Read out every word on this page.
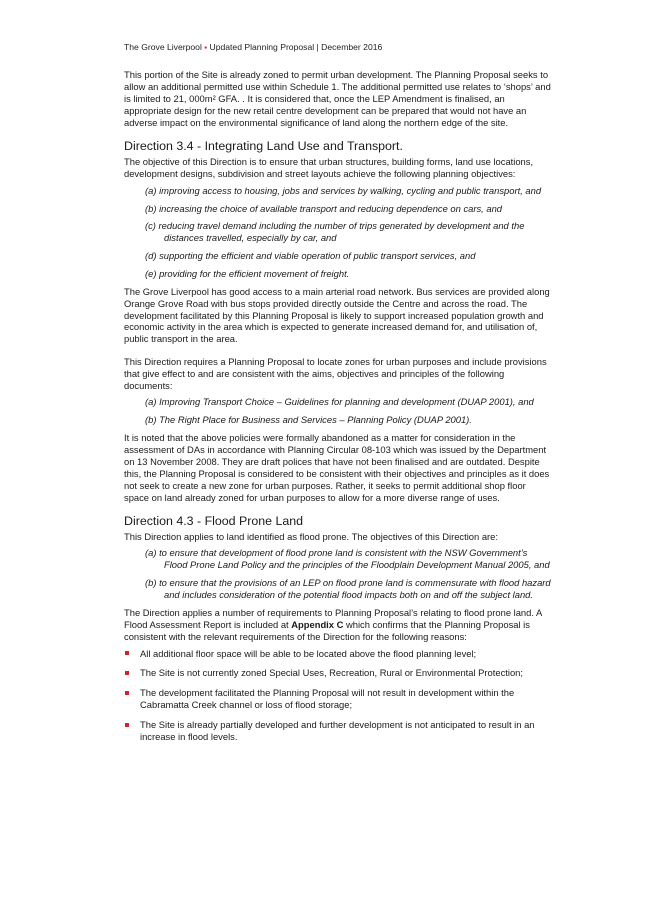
The Grove Liverpool ▪ Updated Planning Proposal | December 2016

This portion of the Site is already zoned to permit urban development. The Planning Proposal seeks to allow an additional permitted use within Schedule 1. The additional permitted use relates to ‘shops’ and is limited to 21, 000m² GFA. . It is considered that, once the LEP Amendment is finalised, an appropriate design for the new retail centre development can be prepared that would not have an adverse impact on the environmental significance of land along the northern edge of the site.

Direction 3.4 - Integrating Land Use and Transport.

The objective of this Direction is to ensure that urban structures, building forms, land use locations, development designs, subdivision and street layouts achieve the following planning objectives:

(a) improving access to housing, jobs and services by walking, cycling and public transport, and
(b) increasing the choice of available transport and reducing dependence on cars, and
(c) reducing travel demand including the number of trips generated by development and the distances travelled, especially by car, and
(d) supporting the efficient and viable operation of public transport services, and
(e) providing for the efficient movement of freight.

The Grove Liverpool has good access to a main arterial road network. Bus services are provided along Orange Grove Road with bus stops provided directly outside the Centre and across the road. The development facilitated by this Planning Proposal is likely to support increased population growth and economic activity in the area which is expected to generate increased demand for, and utilisation of, public transport in the area.

This Direction requires a Planning Proposal to locate zones for urban purposes and include provisions that give effect to and are consistent with the aims, objectives and principles of the following documents:

(a) Improving Transport Choice – Guidelines for planning and development (DUAP 2001), and
(b) The Right Place for Business and Services – Planning Policy (DUAP 2001).

It is noted that the above policies were formally abandoned as a matter for consideration in the assessment of DAs in accordance with Planning Circular 08-103 which was issued by the Department on 13 November 2008. They are draft polices that have not been finalised and are outdated. Despite this, the Planning Proposal is considered to be consistent with their objectives and principles as it does not seek to create a new zone for urban purposes. Rather, it seeks to permit additional shop floor space on land already zoned for urban purposes to allow for a more diverse range of uses.

Direction 4.3 - Flood Prone Land

This Direction applies to land identified as flood prone. The objectives of this Direction are:

(a) to ensure that development of flood prone land is consistent with the NSW Government’s Flood Prone Land Policy and the principles of the Floodplain Development Manual 2005, and
(b) to ensure that the provisions of an LEP on flood prone land is commensurate with flood hazard and includes consideration of the potential flood impacts both on and off the subject land.

The Direction applies a number of requirements to Planning Proposal’s relating to flood prone land. A Flood Assessment Report is included at Appendix C which confirms that the Planning Proposal is consistent with the relevant requirements of the Direction for the following reasons:

All additional floor space will be able to be located above the flood planning level;
The Site is not currently zoned Special Uses, Recreation, Rural or Environmental Protection;
The development facilitated the Planning Proposal will not result in development within the Cabramatta Creek channel or loss of flood storage;
The Site is already partially developed and further development is not anticipated to result in an increase in flood levels.
